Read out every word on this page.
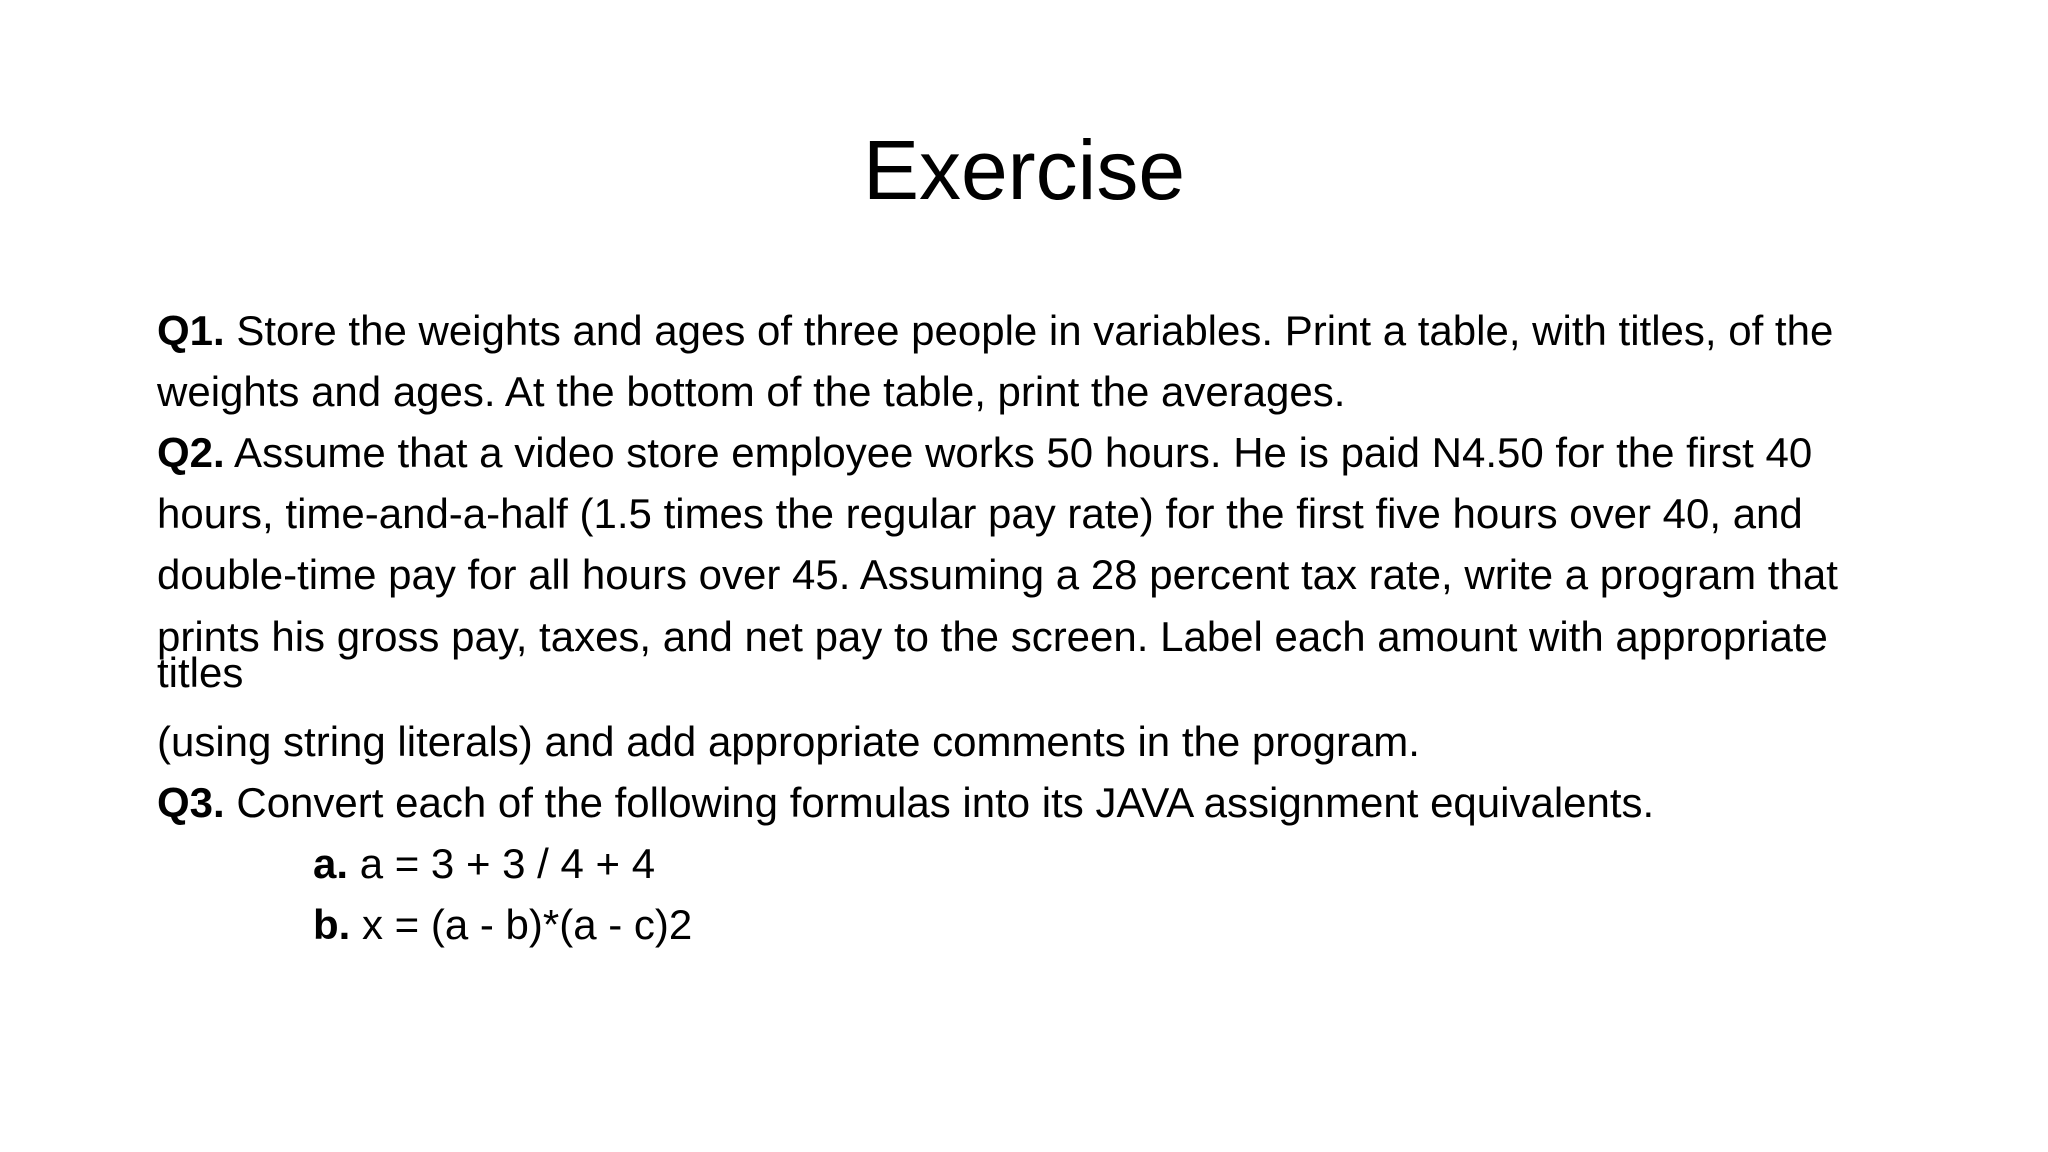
Exercise

Q1. Store the weights and ages of three people in variables. Print a table, with titles, of the weights and ages. At the bottom of the table, print the averages.

Q2. Assume that a video store employee works 50 hours. He is paid N4.50 for the first 40 hours, time-and-a-half (1.5 times the regular pay rate) for the first five hours over 40, and double-time pay for all hours over 45. Assuming a 28 percent tax rate, write a program that

prints his gross pay, taxes, and net pay to the screen. Label each amount with appropriate

titles

(using string literals) and add appropriate comments in the program.

Q3. Convert each of the following formulas into its JAVA assignment equivalents.

a. a = 3 + 3 / 4 + 4

b. x = (a - b)*(a - c)2
